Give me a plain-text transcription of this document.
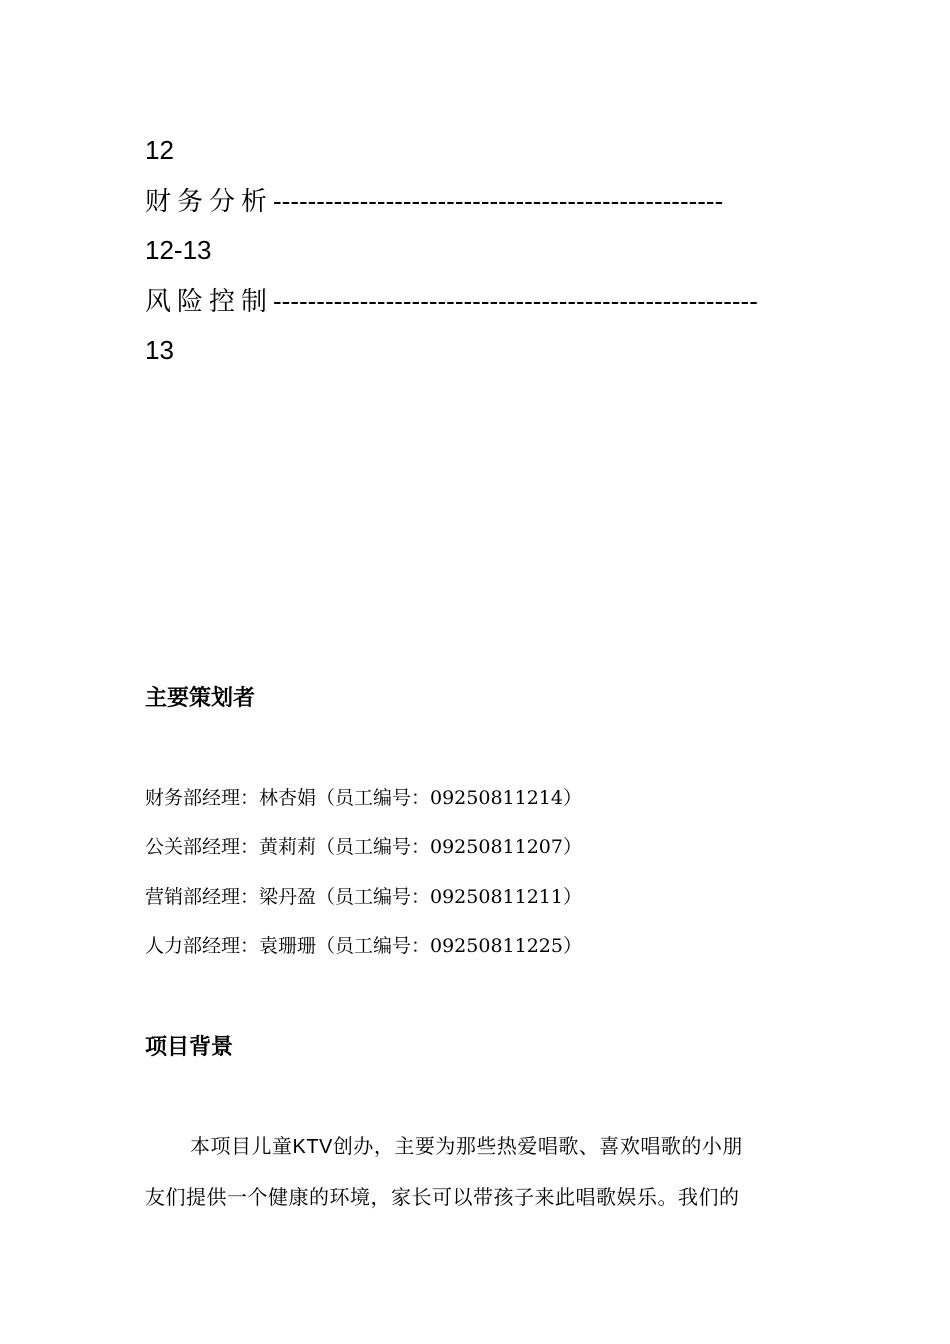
12
财务分析 ----------------------------------------------------
12-13
风险控制 --------------------------------------------------------
13
主要策划者
财务部经理：林杏娟（员工编号：09250811214）
公关部经理：黄莉莉（员工编号：09250811207）
营销部经理：梁丹盈（员工编号：09250811211）
人力部经理：袁珊珊（员工编号：09250811225）
项目背景
本项目儿童KTV创办，主要为那些热爱唱歌、喜欢唱歌的小朋
友们提供一个健康的环境，家长可以带孩子来此唱歌娱乐。我们的
